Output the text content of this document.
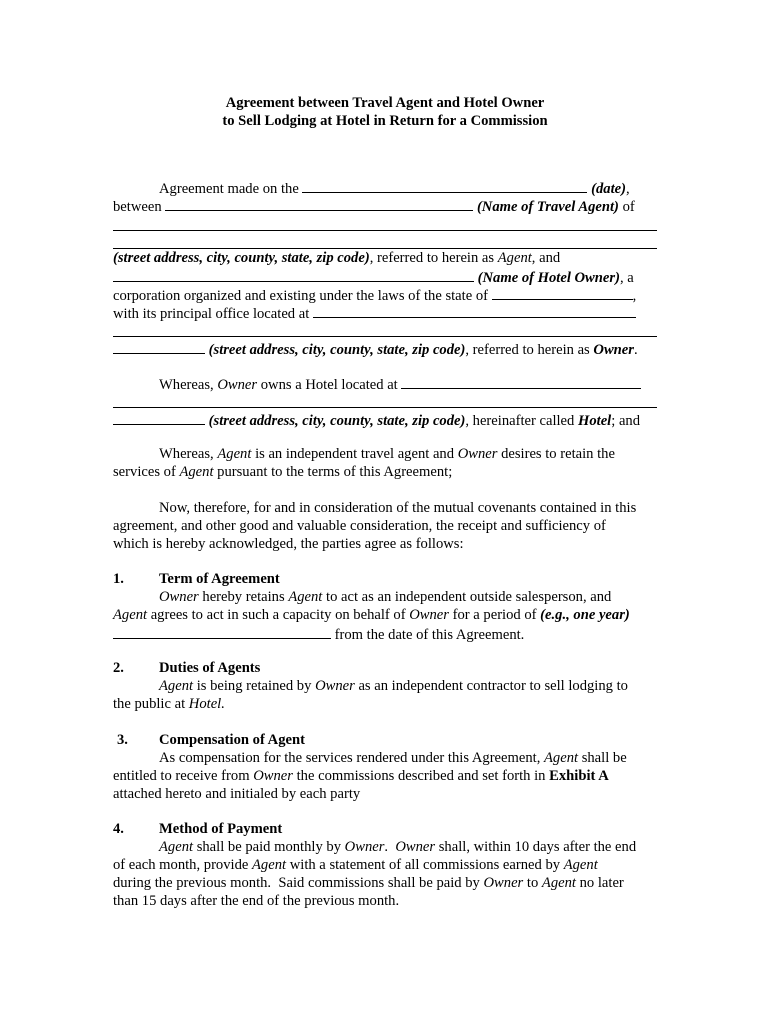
Agreement between Travel Agent and Hotel Owner
to Sell Lodging at Hotel in Return for a Commission
Agreement made on the	(date),
between	(Name of Travel Agent) of
(street address, city, county, state, zip code), referred to herein as Agent, and
(Name of Hotel Owner), a
corporation organized and existing under the laws of the state of	,
with its principal office located at
(street address, city, county, state, zip code), referred to herein as Owner.
Whereas, Owner owns a Hotel located at
(street address, city, county, state, zip code), hereinafter called Hotel; and
Whereas, Agent is an independent travel agent and Owner desires to retain the
services of Agent pursuant to the terms of this Agreement;
Now, therefore, for and in consideration of the mutual covenants contained in this
agreement, and other good and valuable consideration, the receipt and sufficiency of
which is hereby acknowledged, the parties agree as follows:
1. Term of Agreement
Owner hereby retains Agent to act as an independent outside salesperson, and
Agent agrees to act in such a capacity on behalf of Owner for a period of (e.g., one year)
from the date of this Agreement.
2. Duties of Agents
Agent is being retained by Owner as an independent contractor to sell lodging to
the public at Hotel.
3. Compensation of Agent
As compensation for the services rendered under this Agreement, Agent shall be
entitled to receive from Owner the commissions described and set forth in Exhibit A
attached hereto and initialed by each party
4. Method of Payment
Agent shall be paid monthly by Owner. Owner shall, within 10 days after the end
of each month, provide Agent with a statement of all commissions earned by Agent
during the previous month.  Said commissions shall be paid by Owner to Agent no later
than 15 days after the end of the previous month.
